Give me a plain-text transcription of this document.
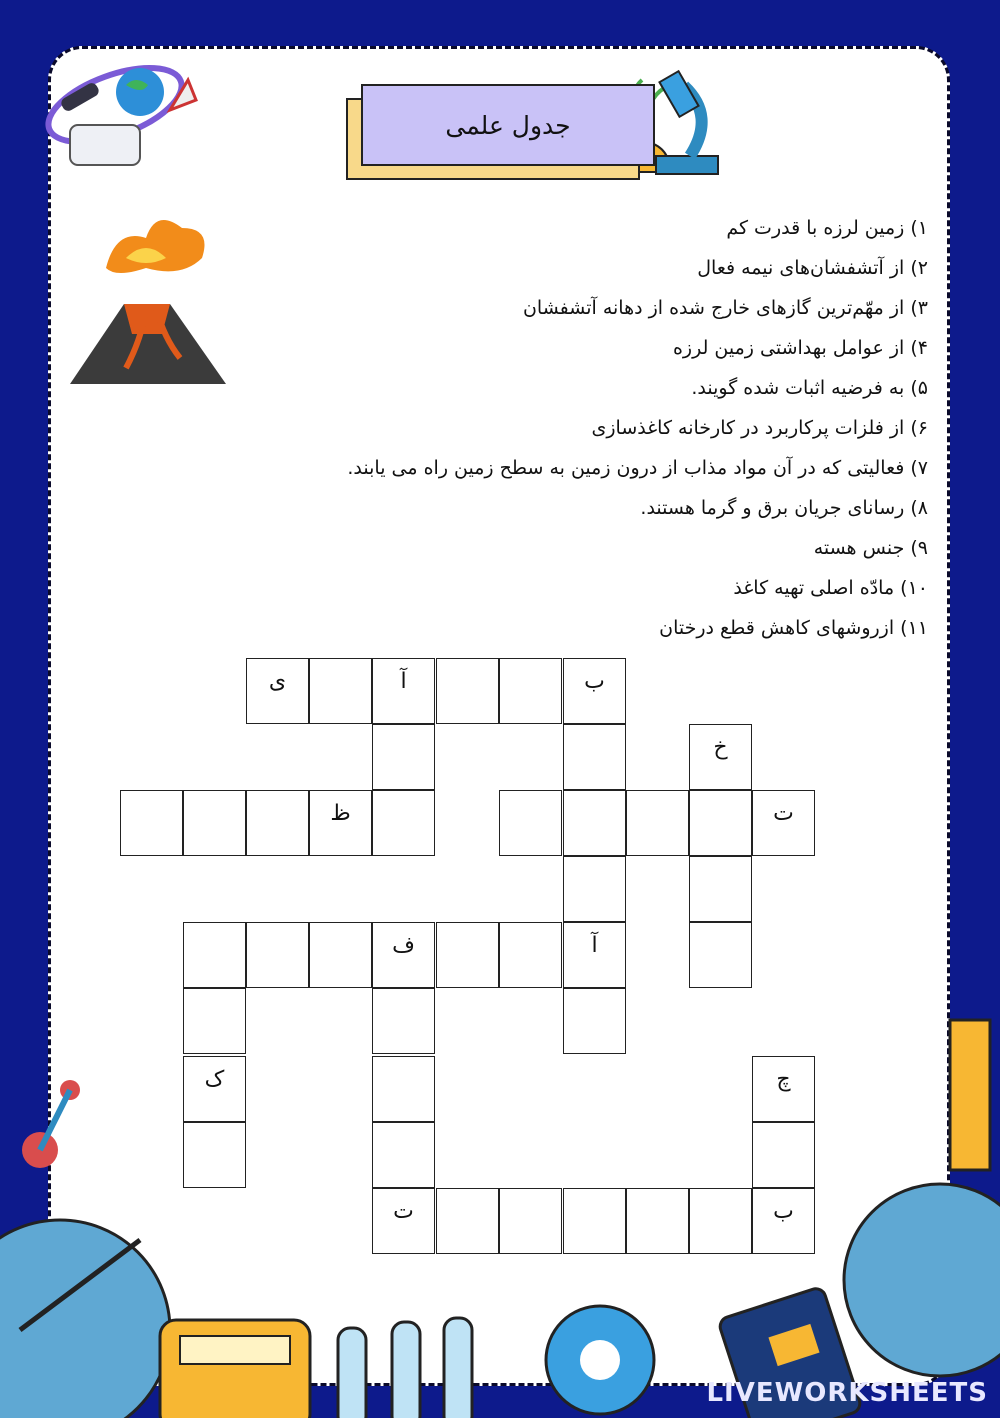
جدول علمی
۱) زمین لرزه با قدرت کم
۲) از آتشفشان‌های نیمه فعال
۳) از مهّم‌ترین گازهای خارج شده از دهانه آتشفشان
۴) از عوامل بهداشتی زمین لرزه
۵) به فرضیه اثبات شده گویند.
۶) از فلزات پرکاربرد در کارخانه کاغذسازی
۷) فعالیتی که در آن مواد مذاب از درون زمین به سطح زمین راه می یابند.
۸) رسانای جریان برق و گرما هستند.
۹) جنس هسته
۱۰) مادّه اصلی تهیه کاغذ
۱۱) ازروشهای کاهش قطع درختان
ی	آ	ب
خ
ظ	ت
ف	آ
ک	چ
ت	ب
LIVEWORKSHEETS
